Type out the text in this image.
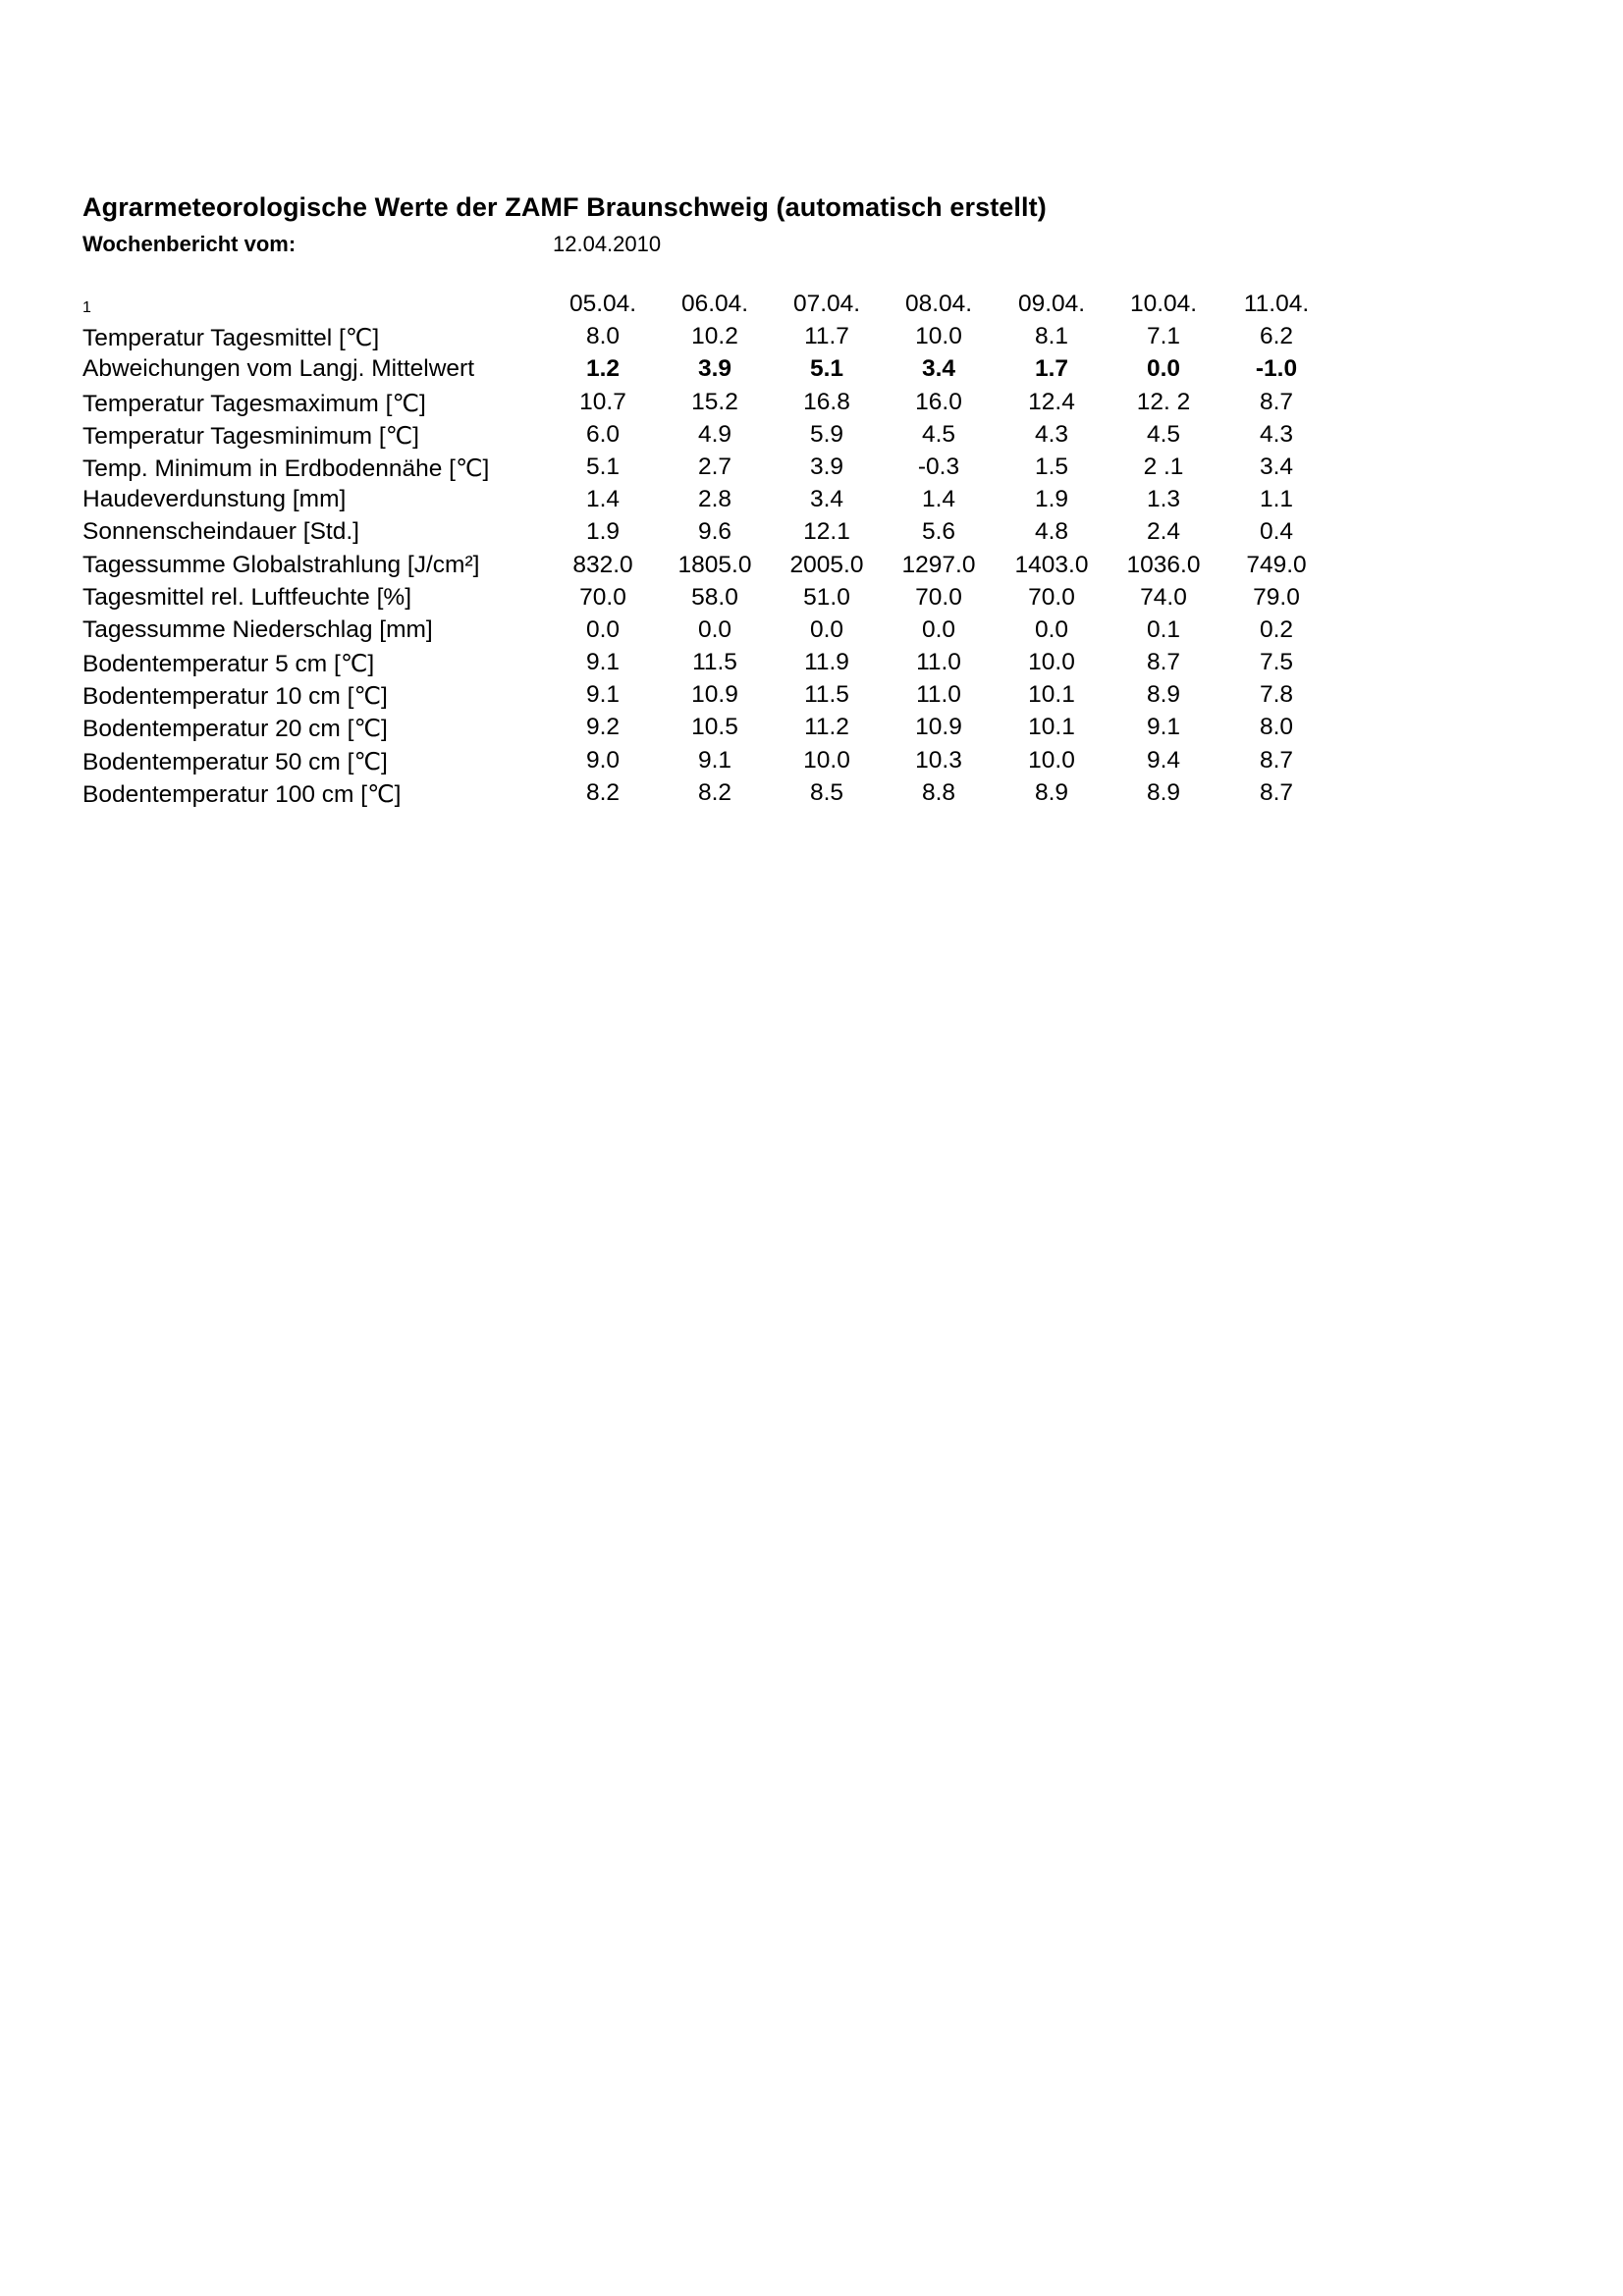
Agrarmeteorologische Werte der ZAMF Braunschweig (automatisch erstellt)
Wochenbericht vom:	12.04.2010
1	05.04.	06.04.	07.04.	08.04.	09.04.	10.04.	11.04.
Temperatur Tagesmittel [℃]	8.0	10.2	11.7	10.0	8.1	7.1	6.2
Abweichungen vom Langj. Mittelwert	1.2	3.9	5.1	3.4	1.7	0.0	-1.0
Temperatur Tagesmaximum [℃]	10.7	15.2	16.8	16.0	12.4	12. 2	8.7
Temperatur Tagesminimum [℃]	6.0	4.9	5.9	4.5	4.3	4.5	4.3
Temp. Minimum in Erdbodennähe [℃]	5.1	2.7	3.9	-0.3	1.5	2 .1	3.4
Haudeverdunstung [mm]	1.4	2.8	3.4	1.4	1.9	1.3	1.1
Sonnenscheindauer [Std.]	1.9	9.6	12.1	5.6	4.8	2.4	0.4
Tagessumme Globalstrahlung [J/cm²]	832.0	1805.0	2005.0	1297.0	1403.0	1036.0	749.0
Tagesmittel rel. Luftfeuchte [%]	70.0	58.0	51.0	70.0	70.0	74.0	79.0
Tagessumme Niederschlag [mm]	0.0	0.0	0.0	0.0	0.0	0.1	0.2
Bodentemperatur 5 cm [℃]	9.1	11.5	11.9	11.0	10.0	8.7	7.5
Bodentemperatur 10 cm [℃]	9.1	10.9	11.5	11.0	10.1	8.9	7.8
Bodentemperatur 20 cm [℃]	9.2	10.5	11.2	10.9	10.1	9.1	8.0
Bodentemperatur 50 cm [℃]	9.0	9.1	10.0	10.3	10.0	9.4	8.7
Bodentemperatur 100 cm [℃]	8.2	8.2	8.5	8.8	8.9	8.9	8.7
